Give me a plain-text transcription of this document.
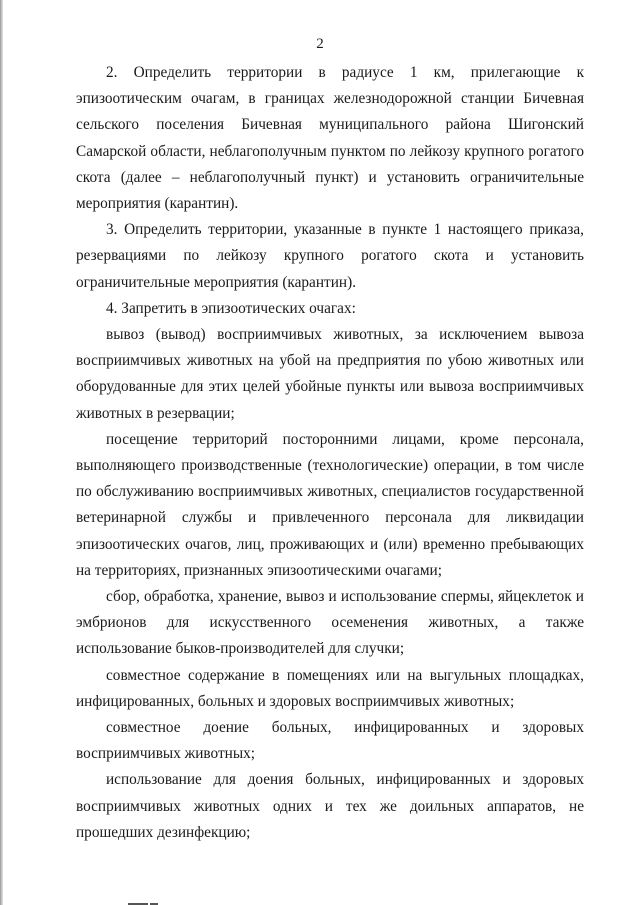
2

2. Определить территории в радиусе 1 км, прилегающие к эпизоотическим очагам, в границах железнодорожной станции Бичевная сельского поселения Бичевная муниципального района Шигонский Самарской области, неблагополучным пунктом по лейкозу крупного рогатого скота (далее – неблагополучный пункт) и установить ограничительные мероприятия (карантин).

3. Определить территории, указанные в пункте 1 настоящего приказа, резервациями по лейкозу крупного рогатого скота и установить ограничительные мероприятия (карантин).

4. Запретить в эпизоотических очагах:

вывоз (вывод) восприимчивых животных, за исключением вывоза восприимчивых животных на убой на предприятия по убою животных или оборудованные для этих целей убойные пункты или вывоза восприимчивых животных в резервации;

посещение территорий посторонними лицами, кроме персонала, выполняющего производственные (технологические) операции, в том числе по обслуживанию восприимчивых животных, специалистов государственной ветеринарной службы и привлеченного персонала для ликвидации эпизоотических очагов, лиц, проживающих и (или) временно пребывающих на территориях, признанных эпизоотическими очагами;

сбор, обработка, хранение, вывоз и использование спермы, яйцеклеток и эмбрионов для искусственного осеменения животных, а также использование быков-производителей для случки;

совместное содержание в помещениях или на выгульных площадках, инфицированных, больных и здоровых восприимчивых животных;

совместное доение больных, инфицированных и здоровых восприимчивых животных;

использование для доения больных, инфицированных и здоровых восприимчивых животных одних и тех же доильных аппаратов, не прошедших дезинфекцию;
